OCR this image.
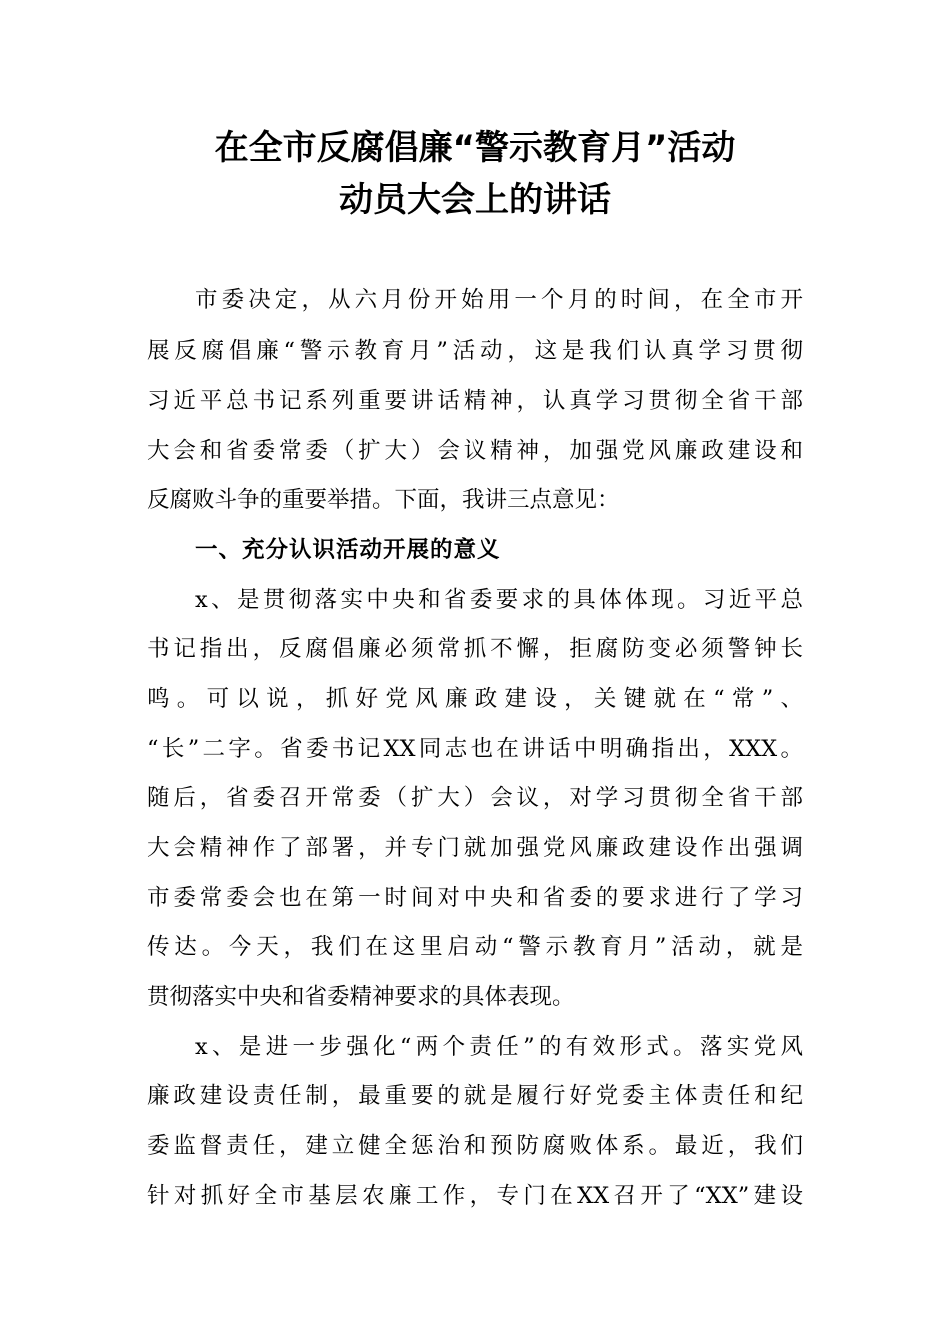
在全市反腐倡廉“警示教育月”活动
动员大会上的讲话
市委决定，从六月份开始用一个月的时间，在全市开
展反腐倡廉“警示教育月”活动，这是我们认真学习贯彻
习近平总书记系列重要讲话精神，认真学习贯彻全省干部
大会和省委常委（扩大）会议精神，加强党风廉政建设和
反腐败斗争的重要举措。下面，我讲三点意见：
一、充分认识活动开展的意义
x、是贯彻落实中央和省委要求的具体体现。习近平总
书记指出，反腐倡廉必须常抓不懈，拒腐防变必须警钟长
鸣。可以说，抓好党风廉政建设，关键就在“常”、
“长”二字。省委书记XX同志也在讲话中明确指出，XXX。
随后，省委召开常委（扩大）会议，对学习贯彻全省干部
大会精神作了部署，并专门就加强党风廉政建设作出强调
市委常委会也在第一时间对中央和省委的要求进行了学习
传达。今天，我们在这里启动“警示教育月”活动，就是
贯彻落实中央和省委精神要求的具体表现。
x、是进一步强化“两个责任”的有效形式。落实党风
廉政建设责任制，最重要的就是履行好党委主体责任和纪
委监督责任，建立健全惩治和预防腐败体系。最近，我们
针对抓好全市基层农廉工作，专门在XX召开了“XX”建设
